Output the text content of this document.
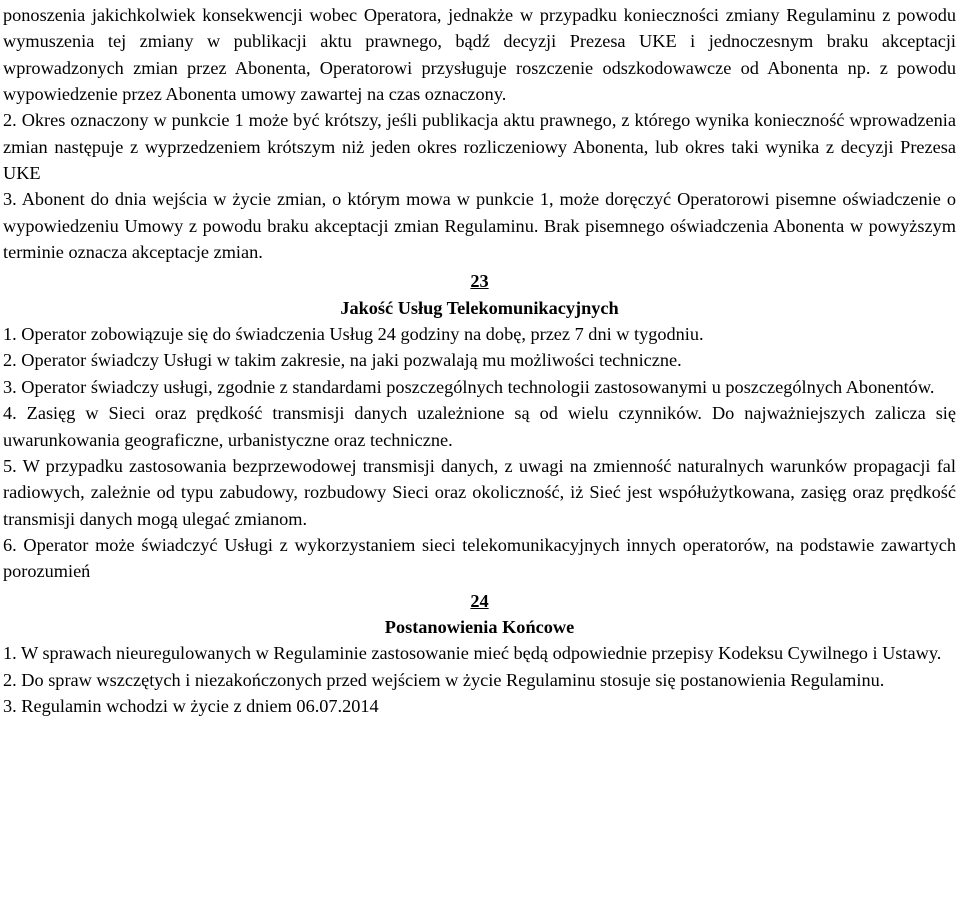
ponoszenia jakichkolwiek konsekwencji wobec Operatora, jednakże w przypadku konieczności zmiany Regulaminu z powodu wymuszenia tej zmiany w publikacji aktu prawnego, bądź decyzji Prezesa UKE i jednoczesnym braku akceptacji wprowadzonych zmian przez Abonenta, Operatorowi przysługuje roszczenie odszkodowawcze od Abonenta np. z powodu wypowiedzenie przez Abonenta umowy zawartej na czas oznaczony.

2. Okres oznaczony w punkcie 1 może być krótszy, jeśli publikacja aktu prawnego, z którego wynika konieczność wprowadzenia zmian następuje z wyprzedzeniem krótszym niż jeden okres rozliczeniowy Abonenta, lub okres taki wynika z decyzji Prezesa UKE

3. Abonent do dnia wejścia w życie zmian, o którym mowa w punkcie 1, może doręczyć Operatorowi pisemne oświadczenie o wypowiedzeniu Umowy z powodu braku akceptacji zmian Regulaminu. Brak pisemnego oświadczenia Abonenta w powyższym terminie oznacza akceptacje zmian.

23
Jakość Usług Telekomunikacyjnych

1. Operator zobowiązuje się do świadczenia Usług 24 godziny na dobę, przez 7 dni w tygodniu.

2. Operator świadczy Usługi w takim zakresie, na jaki pozwalają mu możliwości techniczne.

3. Operator świadczy usługi, zgodnie z standardami poszczególnych technologii zastosowanymi u poszczególnych Abonentów.

4. Zasięg w Sieci oraz prędkość transmisji danych uzależnione są od wielu czynników. Do najważniejszych zalicza się uwarunkowania geograficzne, urbanistyczne oraz techniczne.

5. W przypadku zastosowania bezprzewodowej transmisji danych, z uwagi na zmienność naturalnych warunków propagacji fal radiowych, zależnie od typu zabudowy, rozbudowy Sieci oraz okoliczność, iż Sieć jest współużytkowana, zasięg oraz prędkość transmisji danych mogą ulegać zmianom.

6. Operator może świadczyć Usługi z wykorzystaniem sieci telekomunikacyjnych innych operatorów, na podstawie zawartych porozumień

24
Postanowienia Końcowe

1. W sprawach nieuregulowanych w Regulaminie zastosowanie mieć będą odpowiednie przepisy Kodeksu Cywilnego i Ustawy.

2. Do spraw wszczętych i niezakończonych przed wejściem w życie Regulaminu stosuje się postanowienia Regulaminu.

3. Regulamin wchodzi w życie z dniem 06.07.2014
